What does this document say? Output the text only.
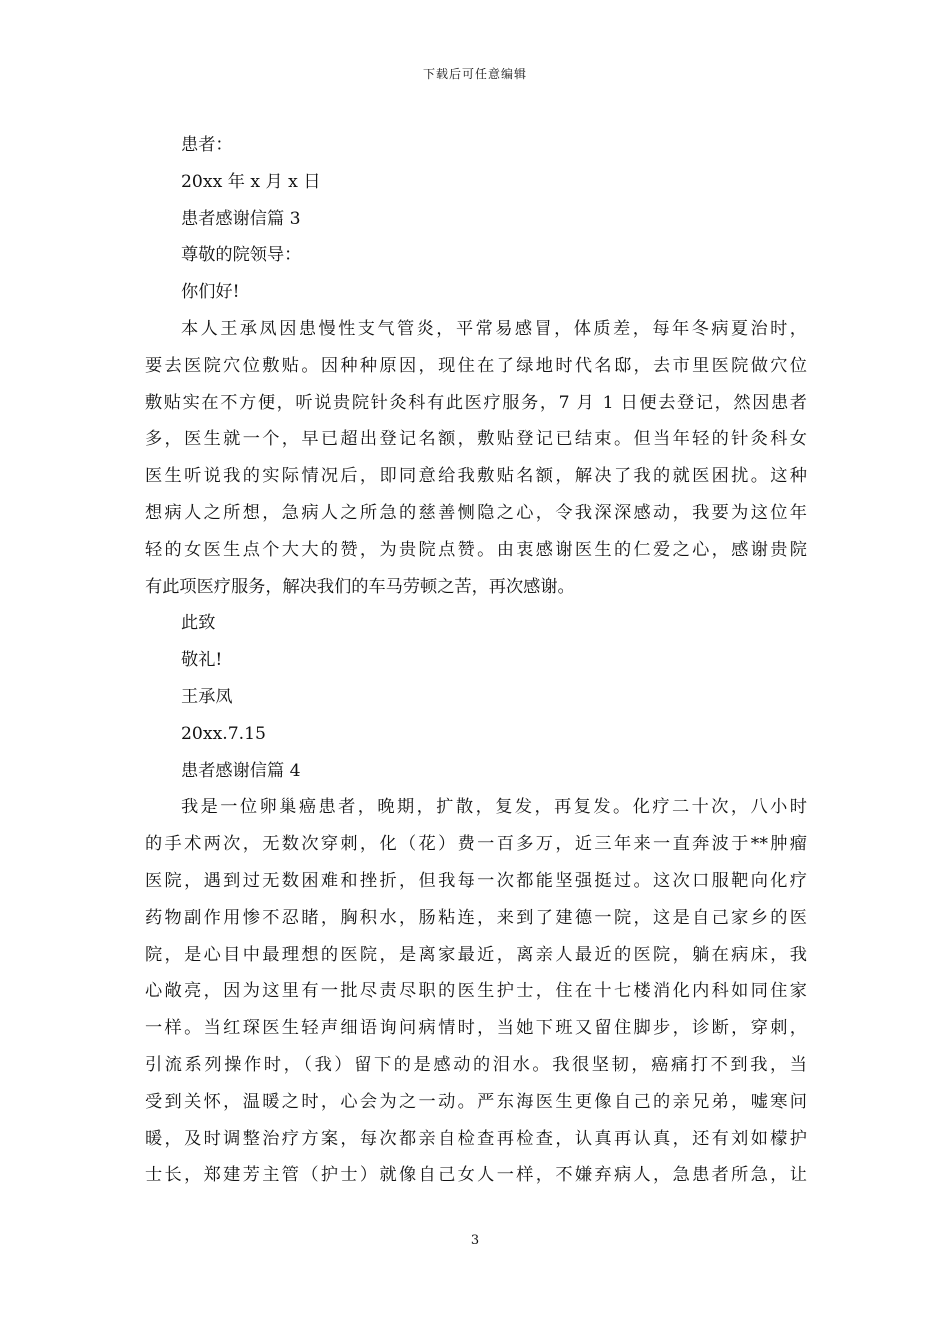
下载后可任意编辑
患者：
20xx 年 x 月 x 日
患者感谢信篇 3
尊敬的院领导：
你们好!
本人王承凤因患慢性支气管炎，平常易感冒，体质差，每年冬病夏治时，
要去医院穴位敷贴。因种种原因，现住在了绿地时代名邸，去市里医院做穴位
敷贴实在不方便，听说贵院针灸科有此医疗服务，7 月 1 日便去登记，然因患者
多，医生就一个，早已超出登记名额，敷贴登记已结束。但当年轻的针灸科女
医生听说我的实际情况后，即同意给我敷贴名额，解决了我的就医困扰。这种
想病人之所想，急病人之所急的慈善恻隐之心，令我深深感动，我要为这位年
轻的女医生点个大大的赞，为贵院点赞。由衷感谢医生的仁爱之心，感谢贵院
有此项医疗服务，解决我们的车马劳顿之苦，再次感谢。
此致
敬礼!
王承凤
20xx.7.15
患者感谢信篇 4
我是一位卵巢癌患者，晚期，扩散，复发，再复发。化疗二十次，八小时
的手术两次，无数次穿刺，化（花）费一百多万，近三年来一直奔波于**肿瘤
医院，遇到过无数困难和挫折，但我每一次都能坚强挺过。这次口服靶向化疗
药物副作用惨不忍睹，胸积水，肠粘连，来到了建德一院，这是自己家乡的医
院，是心目中最理想的医院，是离家最近，离亲人最近的医院，躺在病床，我
心敞亮，因为这里有一批尽责尽职的医生护士，住在十七楼消化内科如同住家
一样。当红琛医生轻声细语询问病情时，当她下班又留住脚步，诊断，穿刺，
引流系列操作时，（我）留下的是感动的泪水。我很坚韧，癌痛打不到我，当
受到关怀，温暖之时，心会为之一动。严东海医生更像自己的亲兄弟，嘘寒问
暖，及时调整治疗方案，每次都亲自检查再检查，认真再认真，还有刘如檬护
士长，郑建芳主管（护士）就像自己女人一样，不嫌弃病人，急患者所急，让
3
